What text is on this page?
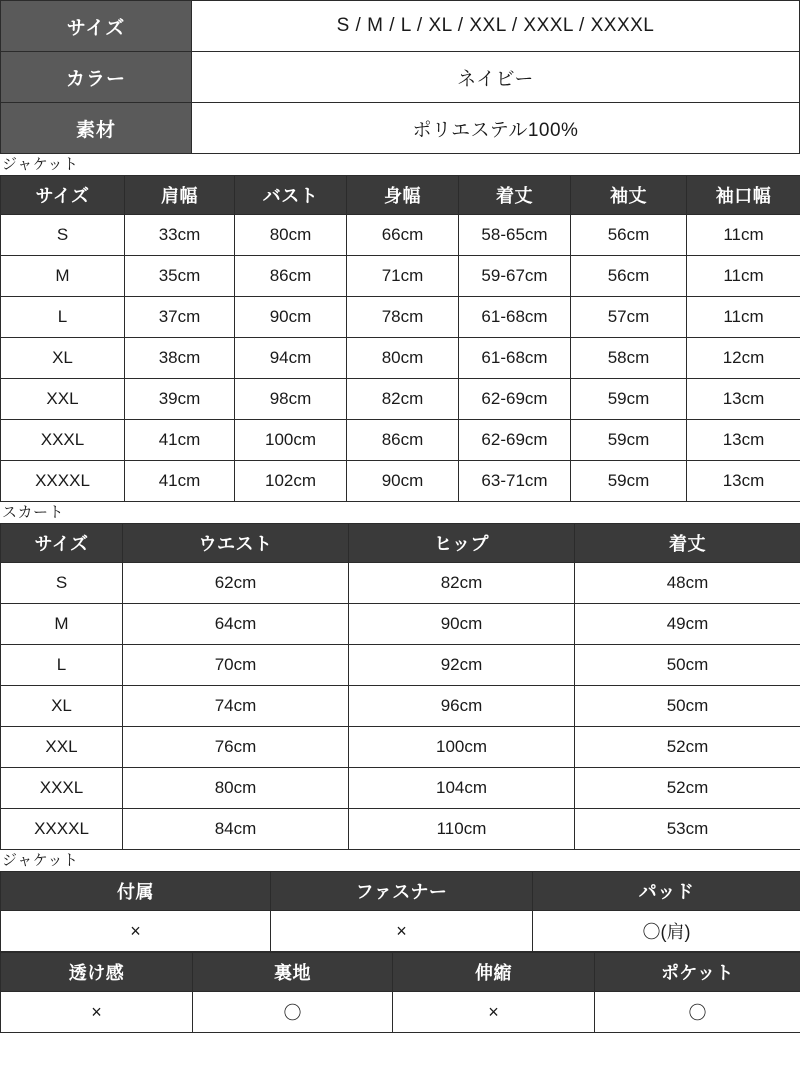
サイズ	S / M / L / XL / XXL / XXXL / XXXXL
カラー	ネイビー
素材	ポリエステル100%
ジャケット
サイズ	肩幅	バスト	身幅	着丈	袖丈	袖口幅
S	33cm	80cm	66cm	58-65cm	56cm	11cm
M	35cm	86cm	71cm	59-67cm	56cm	11cm
L	37cm	90cm	78cm	61-68cm	57cm	11cm
XL	38cm	94cm	80cm	61-68cm	58cm	12cm
XXL	39cm	98cm	82cm	62-69cm	59cm	13cm
XXXL	41cm	100cm	86cm	62-69cm	59cm	13cm
XXXXL	41cm	102cm	90cm	63-71cm	59cm	13cm
スカート
サイズ	ウエスト	ヒップ	着丈
S	62cm	82cm	48cm
M	64cm	90cm	49cm
L	70cm	92cm	50cm
XL	74cm	96cm	50cm
XXL	76cm	100cm	52cm
XXXL	80cm	104cm	52cm
XXXXL	84cm	110cm	53cm
ジャケット
付属	ファスナー	パッド
×	×	〇(肩)
透け感	裏地	伸縮	ポケット
×	〇	×	〇
